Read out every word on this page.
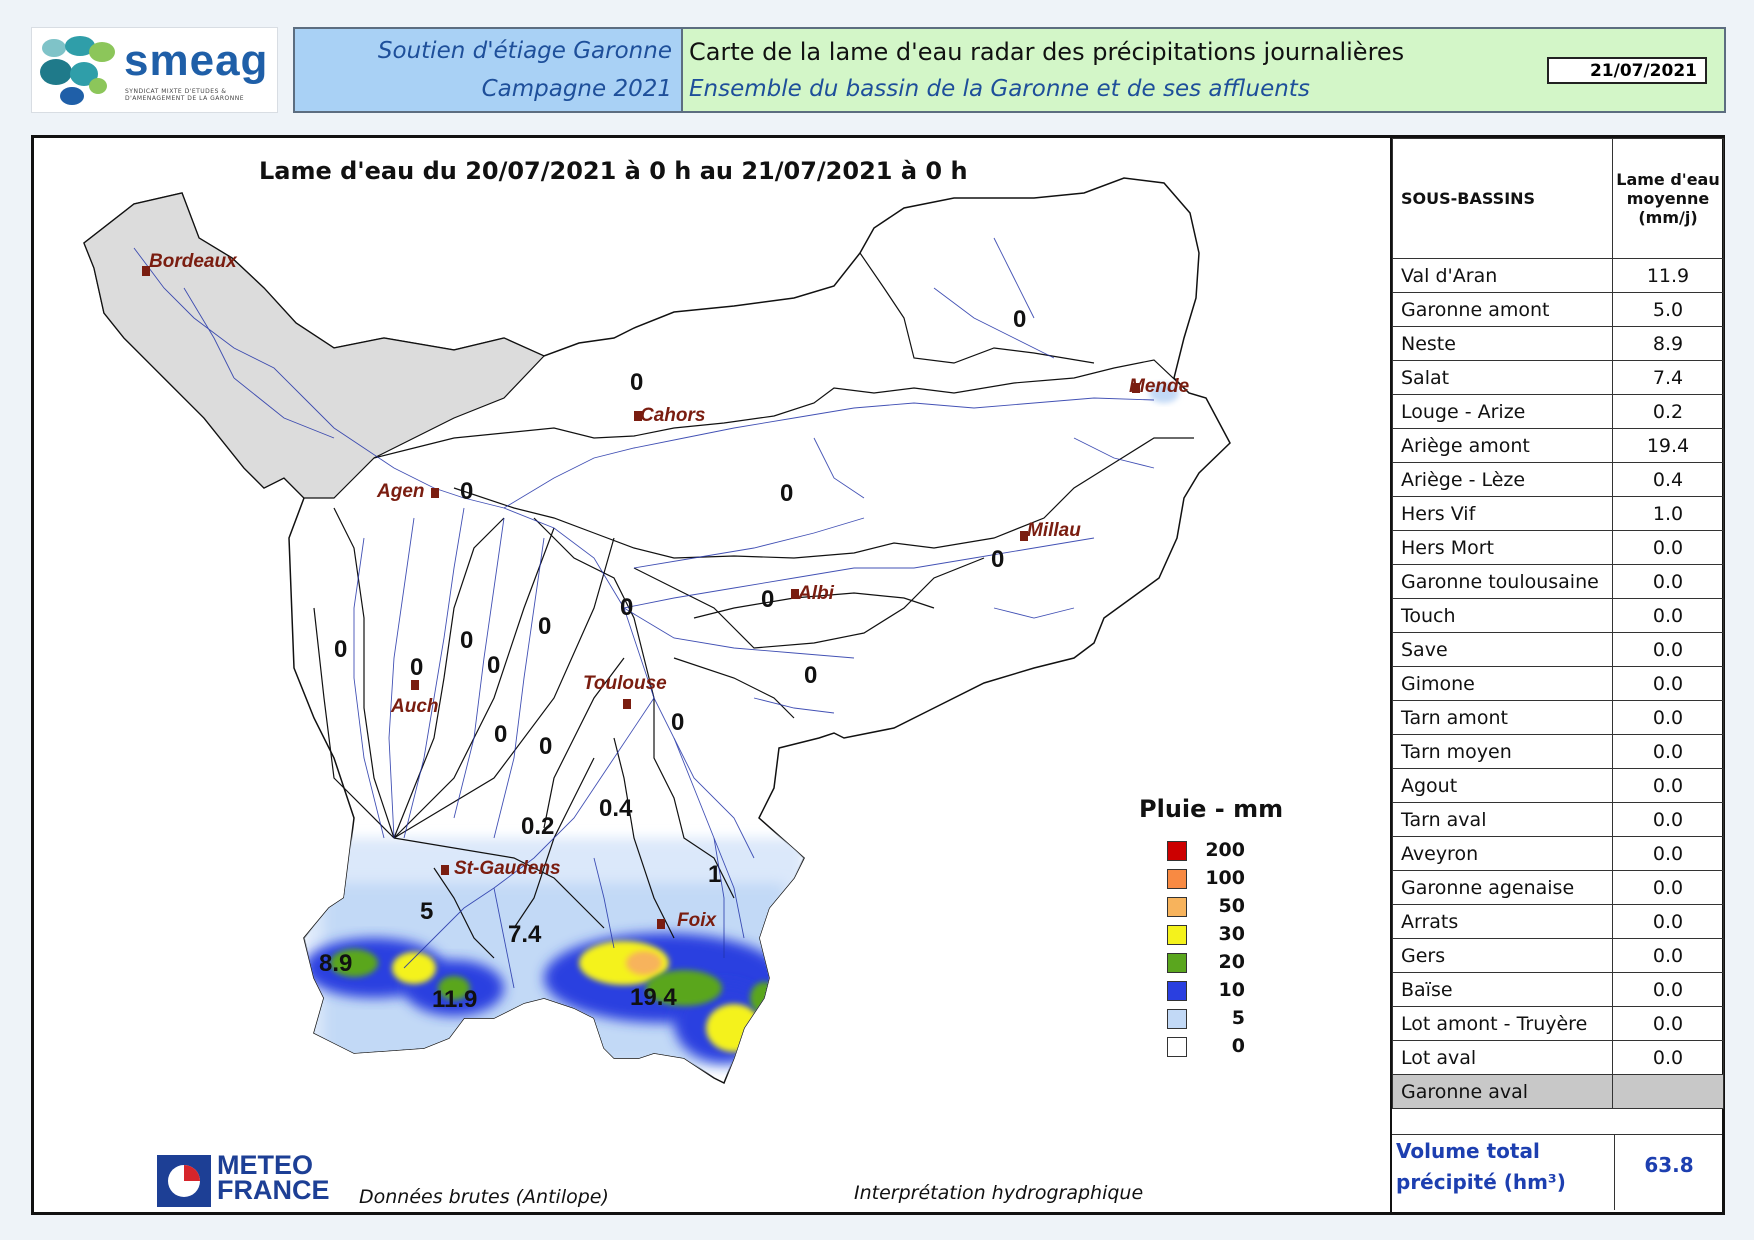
smeag
SYNDICAT MIXTE D'ETUDES & D'AMENAGEMENT DE LA GARONNE
Soutien d'étiage Garonne
Campagne 2021
Carte de la lame d'eau radar des précipitations journalières
Ensemble du bassin de la Garonne et de ses affluents
21/07/2021
Lame d'eau du 20/07/2021 à 0 h au 21/07/2021 à 0 h
Bordeaux
Cahors
Mende
Agen
Millau
Albi
Toulouse
Auch
St-Gaudens
Foix
0
0
0	0
0
0
0
0
0
0
0	0	0
0
0 0
0.2
0.4
1
5
7.4
8.9
11.9	19.4
Pluie - mm
200
100
50
30
20
10
5
0
METEO
FRANCE Données brutes (Antilope)	Interprétation hydrographique
SOUS-BASSINS	Lame d'eau
moyenne
(mm/j)

Val d'Aran	11.9
Garonne amont	5.0
Neste	8.9
Salat	7.4
Louge - Arize	0.2
Ariège amont	19.4
Ariège - Lèze	0.4
Hers Vif	1.0
Hers Mort	0.0
Garonne toulousaine	0.0
Touch	0.0
Save	0.0
Gimone	0.0
Tarn amont	0.0
Tarn moyen	0.0
Agout	0.0
Tarn aval	0.0
Aveyron	0.0
Garonne agenaise	0.0
Arrats	0.0
Gers	0.0
Baïse	0.0
Lot amont - Truyère	0.0
Lot aval	0.0
Garonne aval	
Volume total
précipité (hm³)
63.8
